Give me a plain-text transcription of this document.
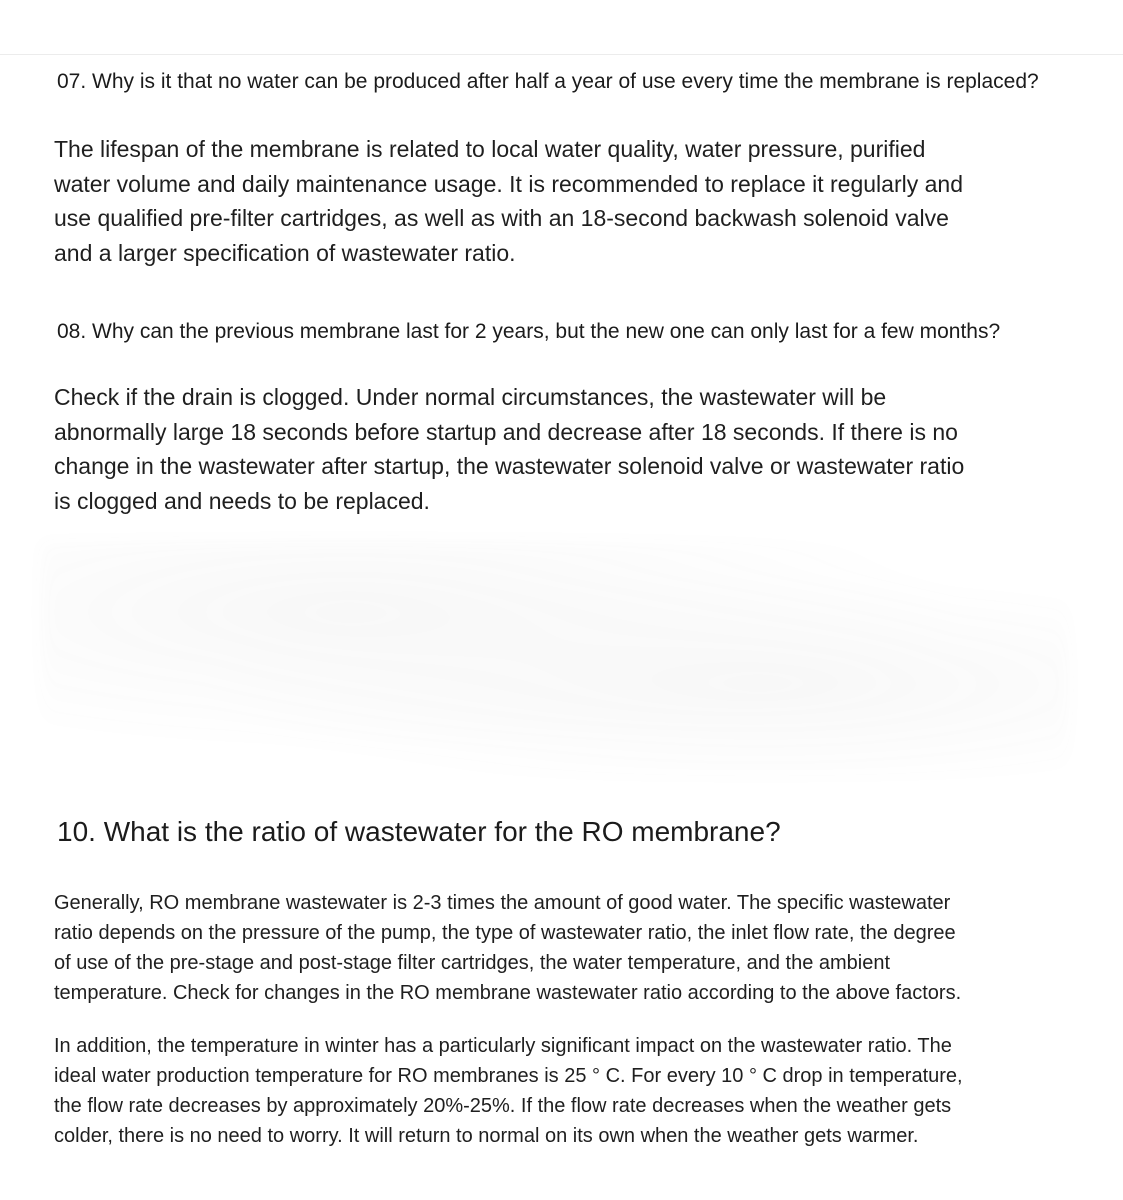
07. Why is it that no water can be produced after half a year of use every time the membrane is replaced?

The lifespan of the membrane is related to local water quality, water pressure, purified
water volume and daily maintenance usage. It is recommended to replace it regularly and
use qualified pre-filter cartridges, as well as with an 18-second backwash solenoid valve
and a larger specification of wastewater ratio.

08. Why can the previous membrane last for 2 years, but the new one can only last for a few months?

Check if the drain is clogged. Under normal circumstances, the wastewater will be
abnormally large 18 seconds before startup and decrease after 18 seconds. If there is no
change in the wastewater after startup, the wastewater solenoid valve or wastewater ratio
is clogged and needs to be replaced.

10. What is the ratio of wastewater for the RO membrane?

Generally, RO membrane wastewater is 2-3 times the amount of good water. The specific wastewater
ratio depends on the pressure of the pump, the type of wastewater ratio, the inlet flow rate, the degree
of use of the pre-stage and post-stage filter cartridges, the water temperature, and the ambient
temperature. Check for changes in the RO membrane wastewater ratio according to the above factors.

In addition, the temperature in winter has a particularly significant impact on the wastewater ratio. The
ideal water production temperature for RO membranes is 25 ° C. For every 10 ° C drop in temperature,
the flow rate decreases by approximately 20%-25%. If the flow rate decreases when the weather gets
colder, there is no need to worry. It will return to normal on its own when the weather gets warmer.
